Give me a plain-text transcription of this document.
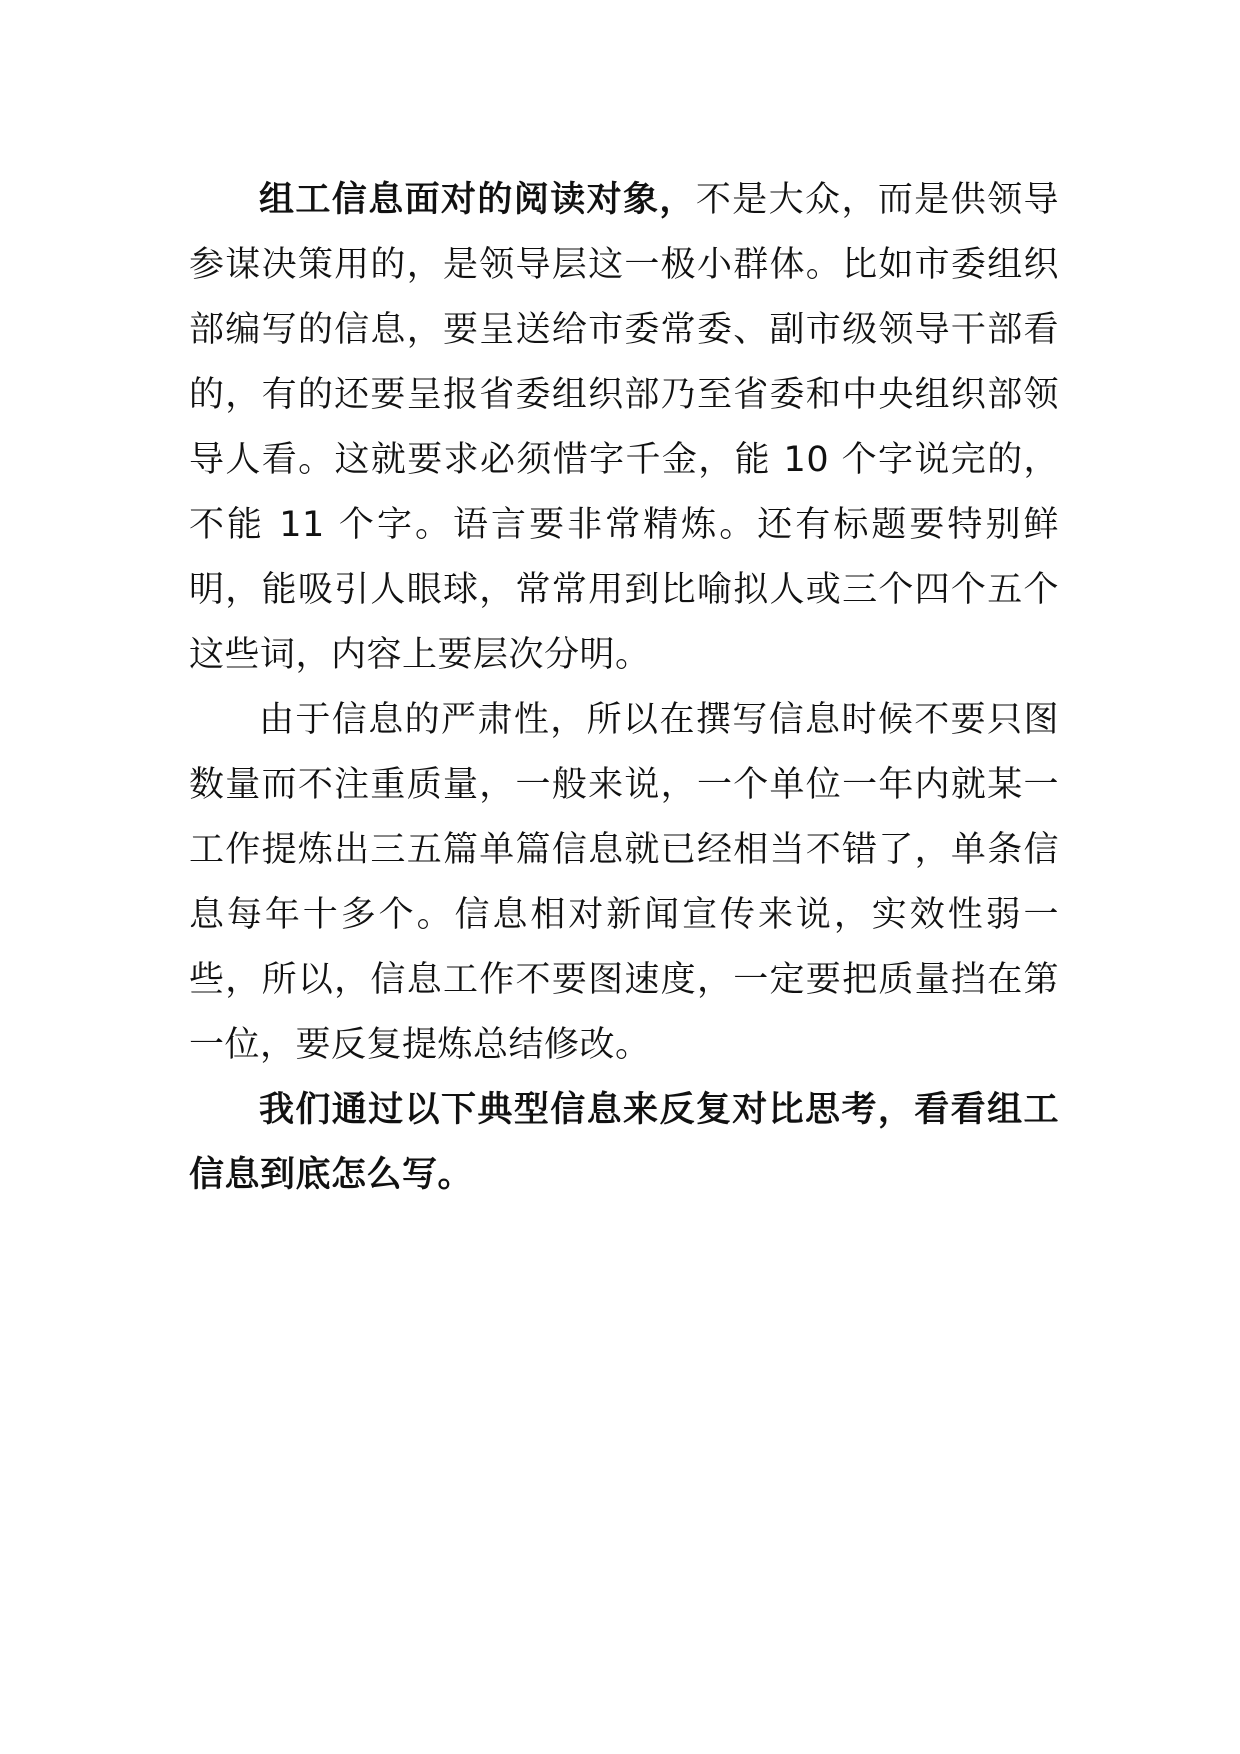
组工信息面对的阅读对象，不是大众，而是供领导参谋决策用的，是领导层这一极小群体。比如市委组织部编写的信息，要呈送给市委常委、副市级领导干部看的，有的还要呈报省委组织部乃至省委和中央组织部领导人看。这就要求必须惜字千金，能 10 个字说完的，不能 11 个字。语言要非常精炼。还有标题要特别鲜明，能吸引人眼球，常常用到比喻拟人或三个四个五个这些词，内容上要层次分明。

由于信息的严肃性，所以在撰写信息时候不要只图数量而不注重质量，一般来说，一个单位一年内就某一工作提炼出三五篇单篇信息就已经相当不错了，单条信息每年十多个。信息相对新闻宣传来说，实效性弱一些，所以，信息工作不要图速度，一定要把质量挡在第一位，要反复提炼总结修改。

我们通过以下典型信息来反复对比思考，看看组工信息到底怎么写。
